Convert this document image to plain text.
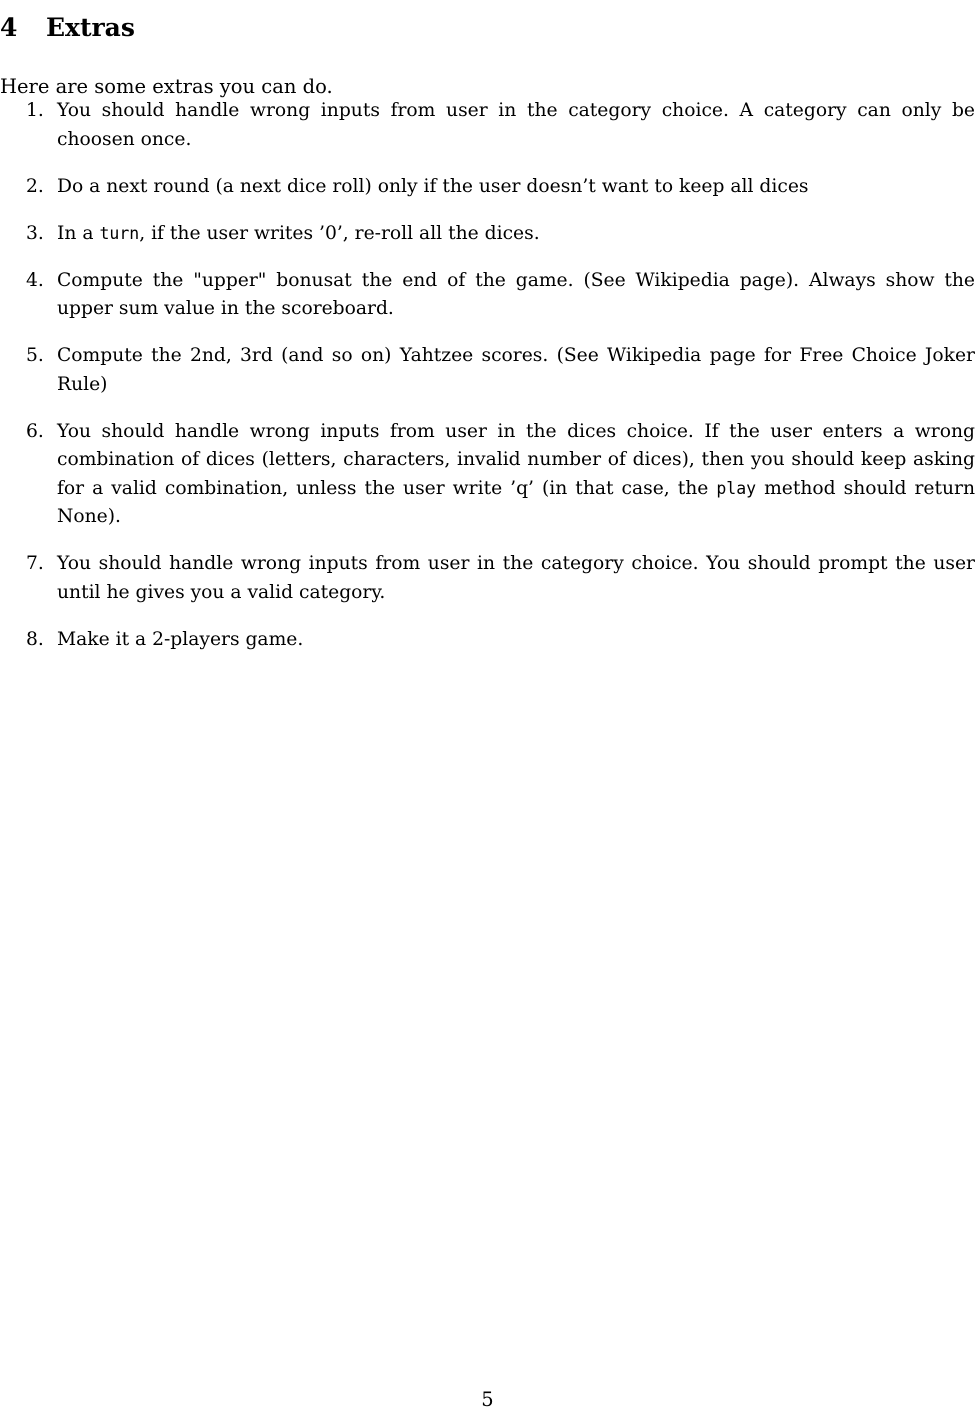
4 Extras

Here are some extras you can do.

1. You should handle wrong inputs from user in the category choice. A category can only be choosen once.
2. Do a next round (a next dice roll) only if the user doesn’t want to keep all dices
3. In a turn, if the user writes ’0’, re-roll all the dices.
4. Compute the "upper" bonusat the end of the game. (See Wikipedia page). Always show the upper sum value in the scoreboard.
5. Compute the 2nd, 3rd (and so on) Yahtzee scores. (See Wikipedia page for Free Choice Joker Rule)
6. You should handle wrong inputs from user in the dices choice. If the user enters a wrong combination of dices (letters, characters, invalid number of dices), then you should keep asking for a valid combination, unless the user write ’q’ (in that case, the play method should return None).
7. You should handle wrong inputs from user in the category choice. You should prompt the user until he gives you a valid category.
8. Make it a 2-players game.
5
